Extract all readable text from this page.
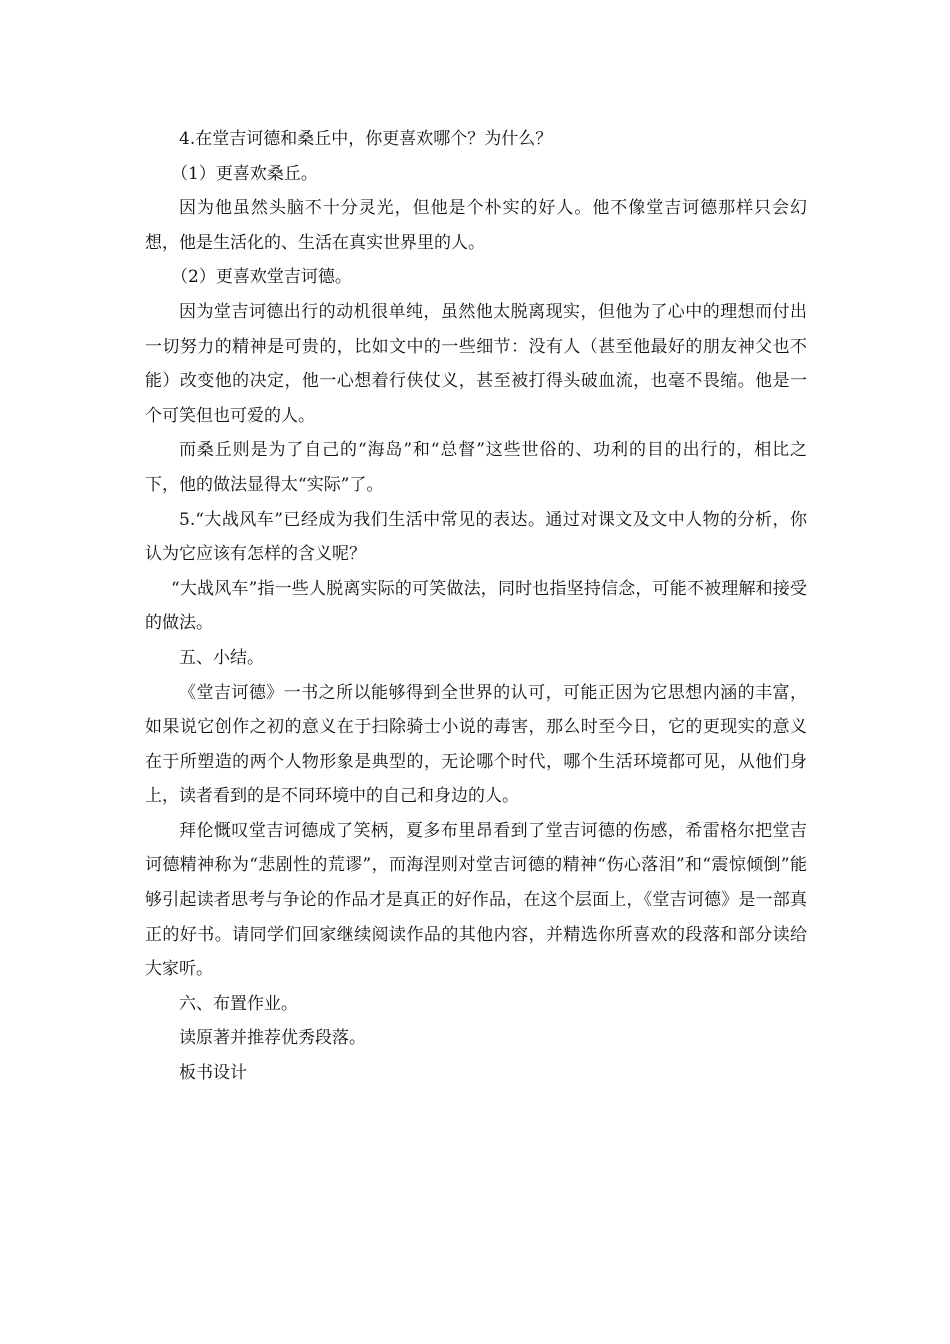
4.在堂吉诃德和桑丘中，你更喜欢哪个？为什么？

（1）更喜欢桑丘。

因为他虽然头脑不十分灵光，但他是个朴实的好人。他不像堂吉诃德那样只会幻想，他是生活化的、生活在真实世界里的人。

（2）更喜欢堂吉诃德。

因为堂吉诃德出行的动机很单纯，虽然他太脱离现实，但他为了心中的理想而付出一切努力的精神是可贵的，比如文中的一些细节：没有人（甚至他最好的朋友神父也不能）改变他的决定，他一心想着行侠仗义，甚至被打得头破血流，也毫不畏缩。他是一个可笑但也可爱的人。

而桑丘则是为了自己的“海岛”和“总督”这些世俗的、功利的目的出行的，相比之下，他的做法显得太“实际”了。

5.“大战风车”已经成为我们生活中常见的表达。通过对课文及文中人物的分析，你认为它应该有怎样的含义呢？

“大战风车”指一些人脱离实际的可笑做法，同时也指坚持信念，可能不被理解和接受的做法。

五、小结。

《堂吉诃德》一书之所以能够得到全世界的认可，可能正因为它思想内涵的丰富，如果说它创作之初的意义在于扫除骑士小说的毒害，那么时至今日，它的更现实的意义在于所塑造的两个人物形象是典型的，无论哪个时代，哪个生活环境都可见，从他们身上，读者看到的是不同环境中的自己和身边的人。

拜伦慨叹堂吉诃德成了笑柄，夏多布里昂看到了堂吉诃德的伤感，希雷格尔把堂吉诃德精神称为“悲剧性的荒谬”，而海涅则对堂吉诃德的精神“伤心落泪”和“震惊倾倒”能够引起读者思考与争论的作品才是真正的好作品，在这个层面上，《堂吉诃德》是一部真正的好书。请同学们回家继续阅读作品的其他内容，并精选你所喜欢的段落和部分读给大家听。

六、布置作业。

读原著并推荐优秀段落。

板书设计
